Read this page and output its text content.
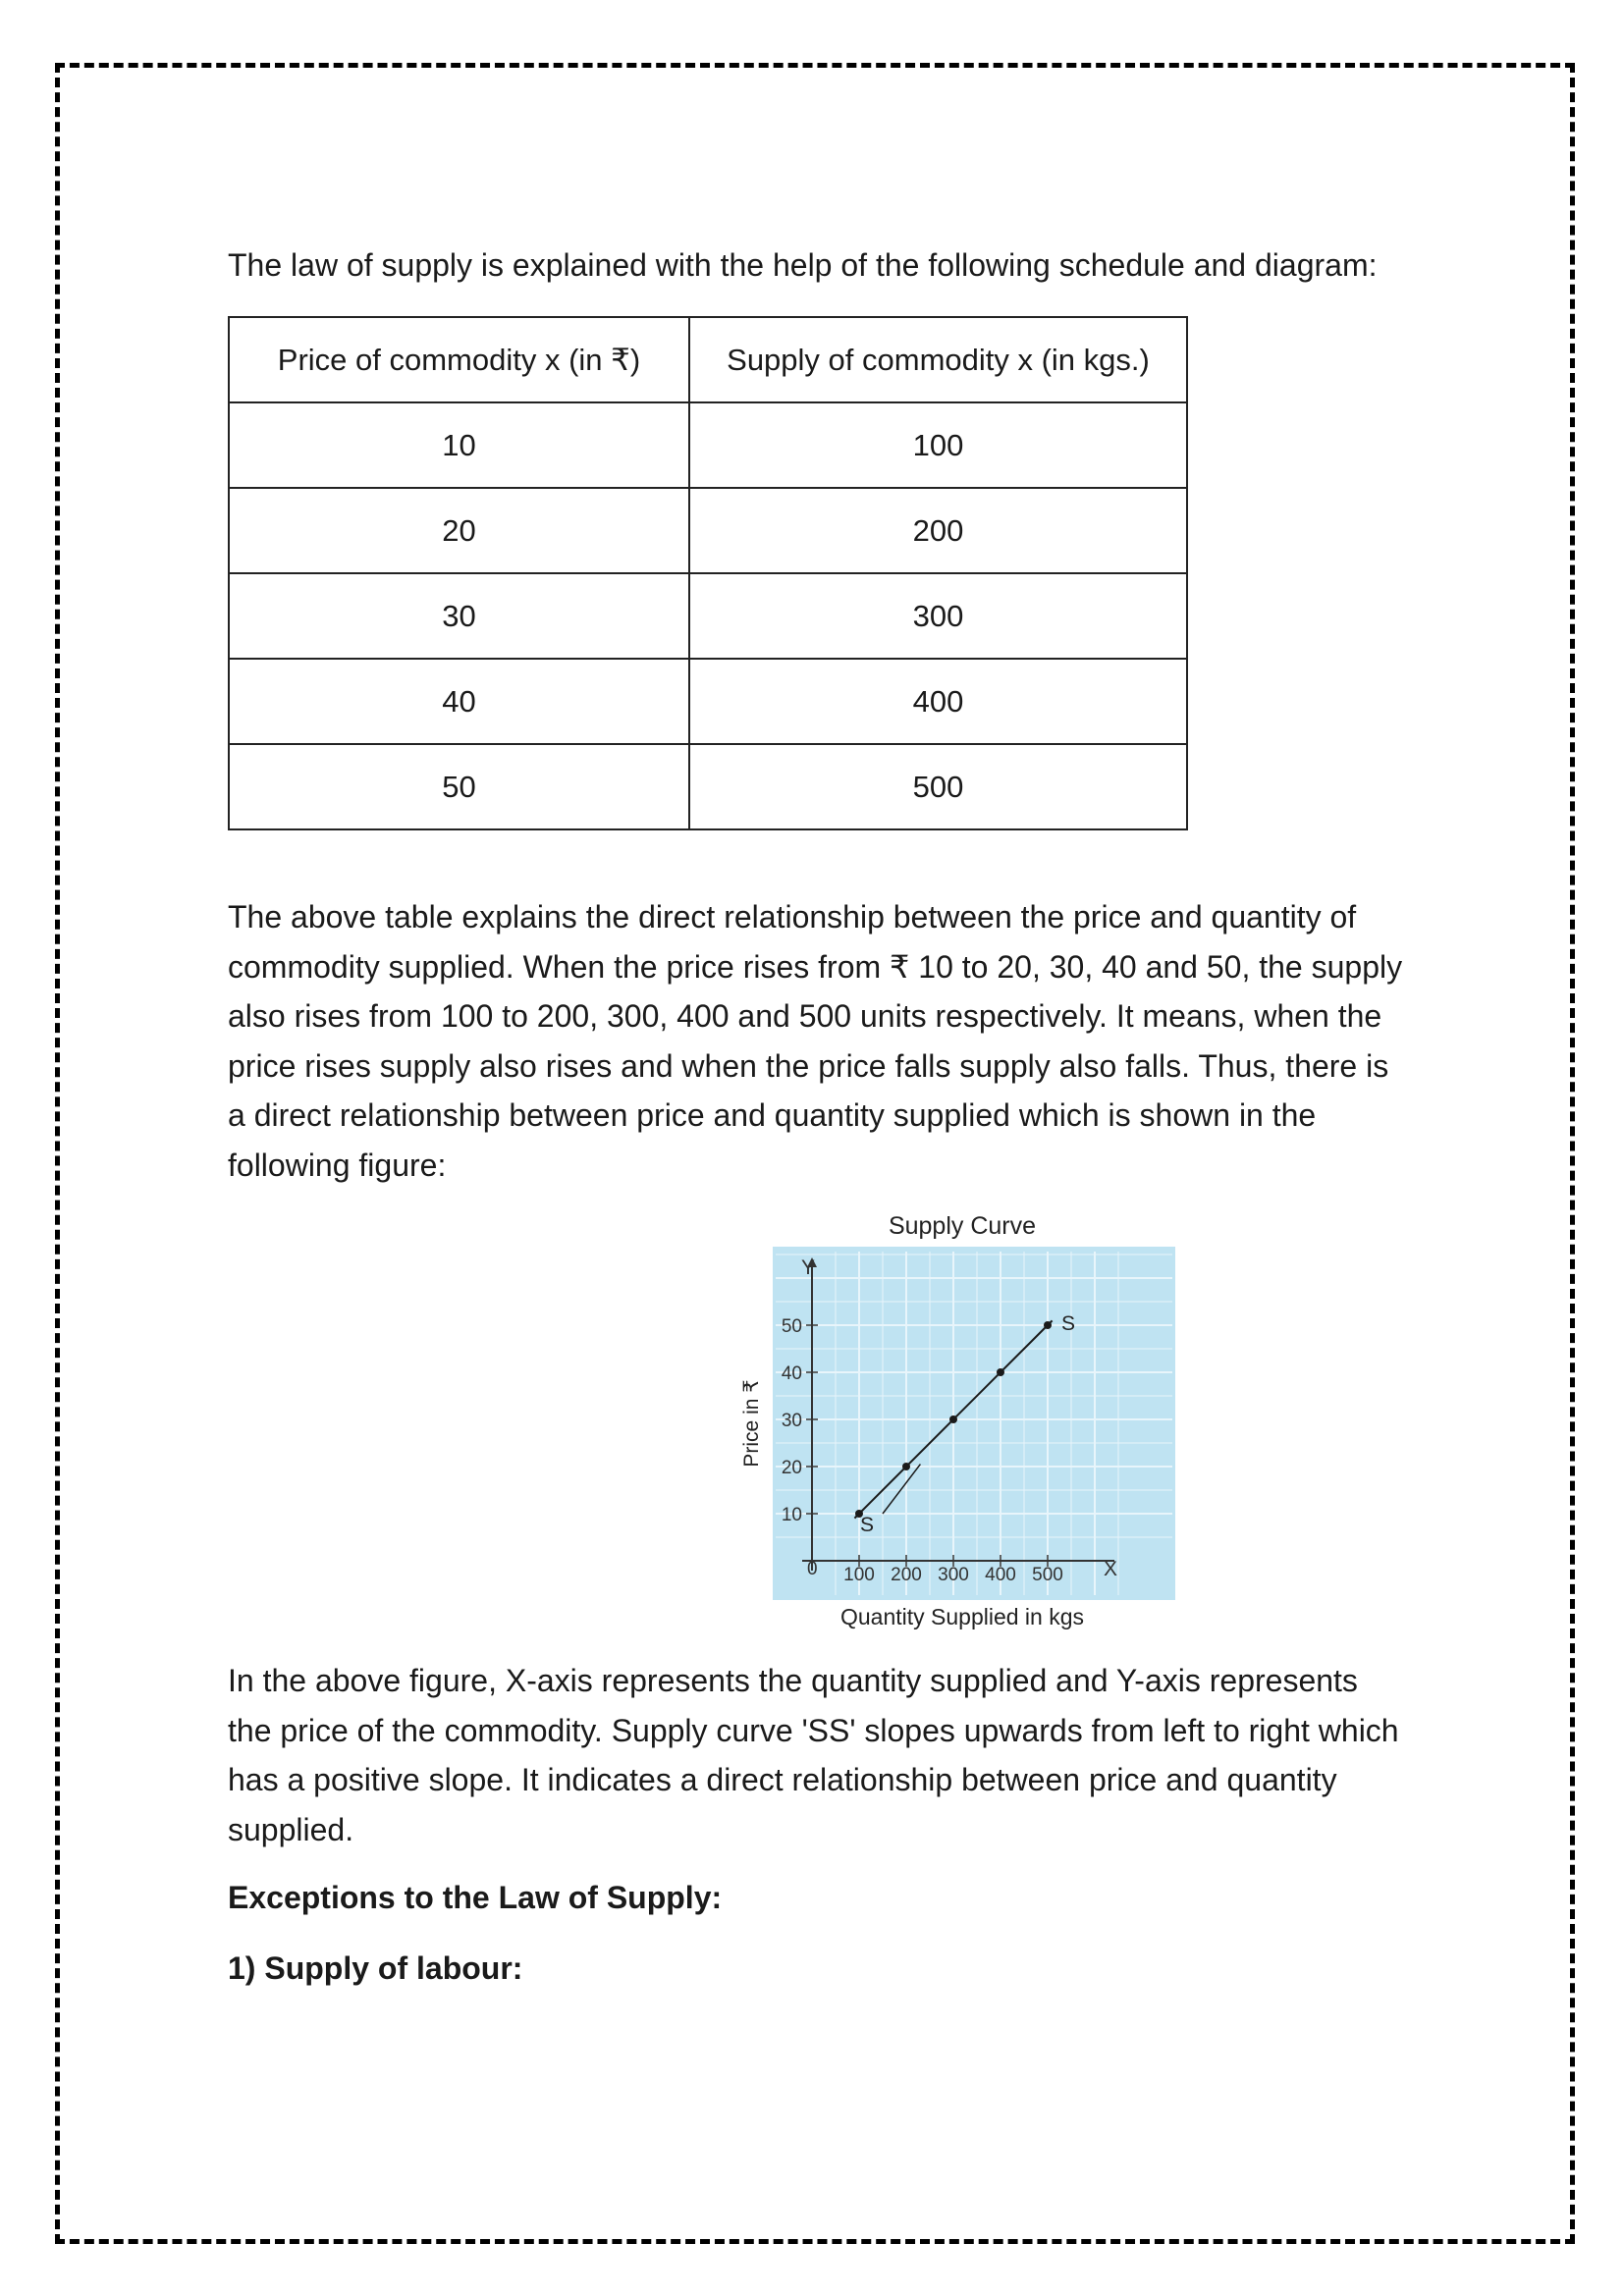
The law of supply is explained with the help of the following schedule and diagram:
Price of commodity x (in ₹)	Supply of commodity x (in kgs.)
10	100
20	200
30	300
40	400
50	500
The above table explains the direct relationship between the price and quantity of commodity supplied. When the price rises from ₹ 10 to 20, 30, 40 and 50, the supply also rises from 100 to 200, 300, 400 and 500 units respectively. It means, when the price rises supply also rises and when the price falls supply also falls. Thus, there is a direct relationship between price and quantity supplied which is shown in the following figure:
Supply Curve
100 200 300 400 500
10
20
30
40
50
X
Y
0
S
S
Quantity Supplied in kgs
Price in ₹
In the above figure, X-axis represents the quantity supplied and Y-axis represents the price of the commodity. Supply curve 'SS' slopes upwards from left to right which has a positive slope. It indicates a direct relationship between price and quantity supplied.
Exceptions to the Law of Supply:
1) Supply of labour:
